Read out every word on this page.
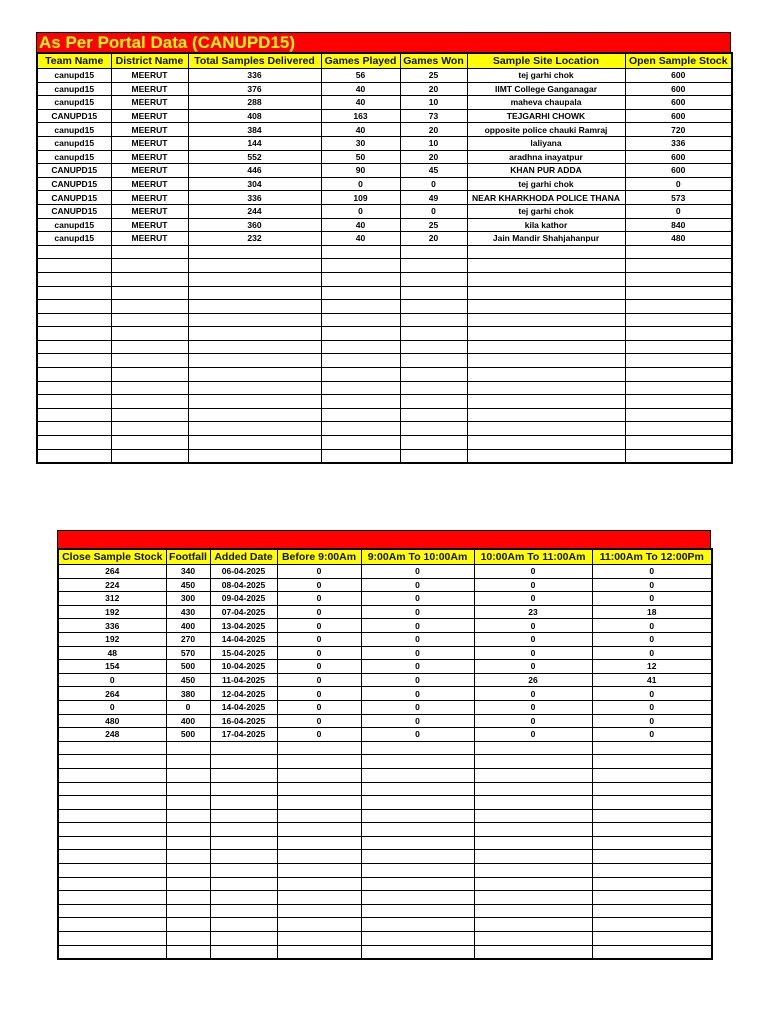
As Per Portal Data (CANUPD15)
Team Name	District Name	Total Samples Delivered	Games Played	Games Won	Sample Site Location	Open Sample Stock
canupd15	MEERUT	336	56	25	tej garhi chok	600
canupd15	MEERUT	376	40	20	IIMT College Ganganagar	600
canupd15	MEERUT	288	40	10	maheva chaupala	600
CANUPD15	MEERUT	408	163	73	TEJGARHI CHOWK	600
canupd15	MEERUT	384	40	20	opposite police chauki Ramraj	720
canupd15	MEERUT	144	30	10	laliyana	336
canupd15	MEERUT	552	50	20	aradhna inayatpur	600
CANUPD15	MEERUT	446	90	45	KHAN PUR ADDA	600
CANUPD15	MEERUT	304	0	0	tej garhi chok	0
CANUPD15	MEERUT	336	109	49	NEAR KHARKHODA POLICE THANA	573
CANUPD15	MEERUT	244	0	0	tej garhi chok	0
canupd15	MEERUT	360	40	25	kila kathor	840
canupd15	MEERUT	232	40	20	Jain Mandir Shahjahanpur	480

Close Sample Stock	Footfall	Added Date	Before 9:00Am	9:00Am To 10:00Am	10:00Am To 11:00Am	11:00Am To 12:00Pm
264	340	06-04-2025	0	0	0	0
224	450	08-04-2025	0	0	0	0
312	300	09-04-2025	0	0	0	0
192	430	07-04-2025	0	0	23	18
336	400	13-04-2025	0	0	0	0
192	270	14-04-2025	0	0	0	0
48	570	15-04-2025	0	0	0	0
154	500	10-04-2025	0	0	0	12
0	450	11-04-2025	0	0	26	41
264	380	12-04-2025	0	0	0	0
0	0	14-04-2025	0	0	0	0
480	400	16-04-2025	0	0	0	0
248	500	17-04-2025	0	0	0	0
